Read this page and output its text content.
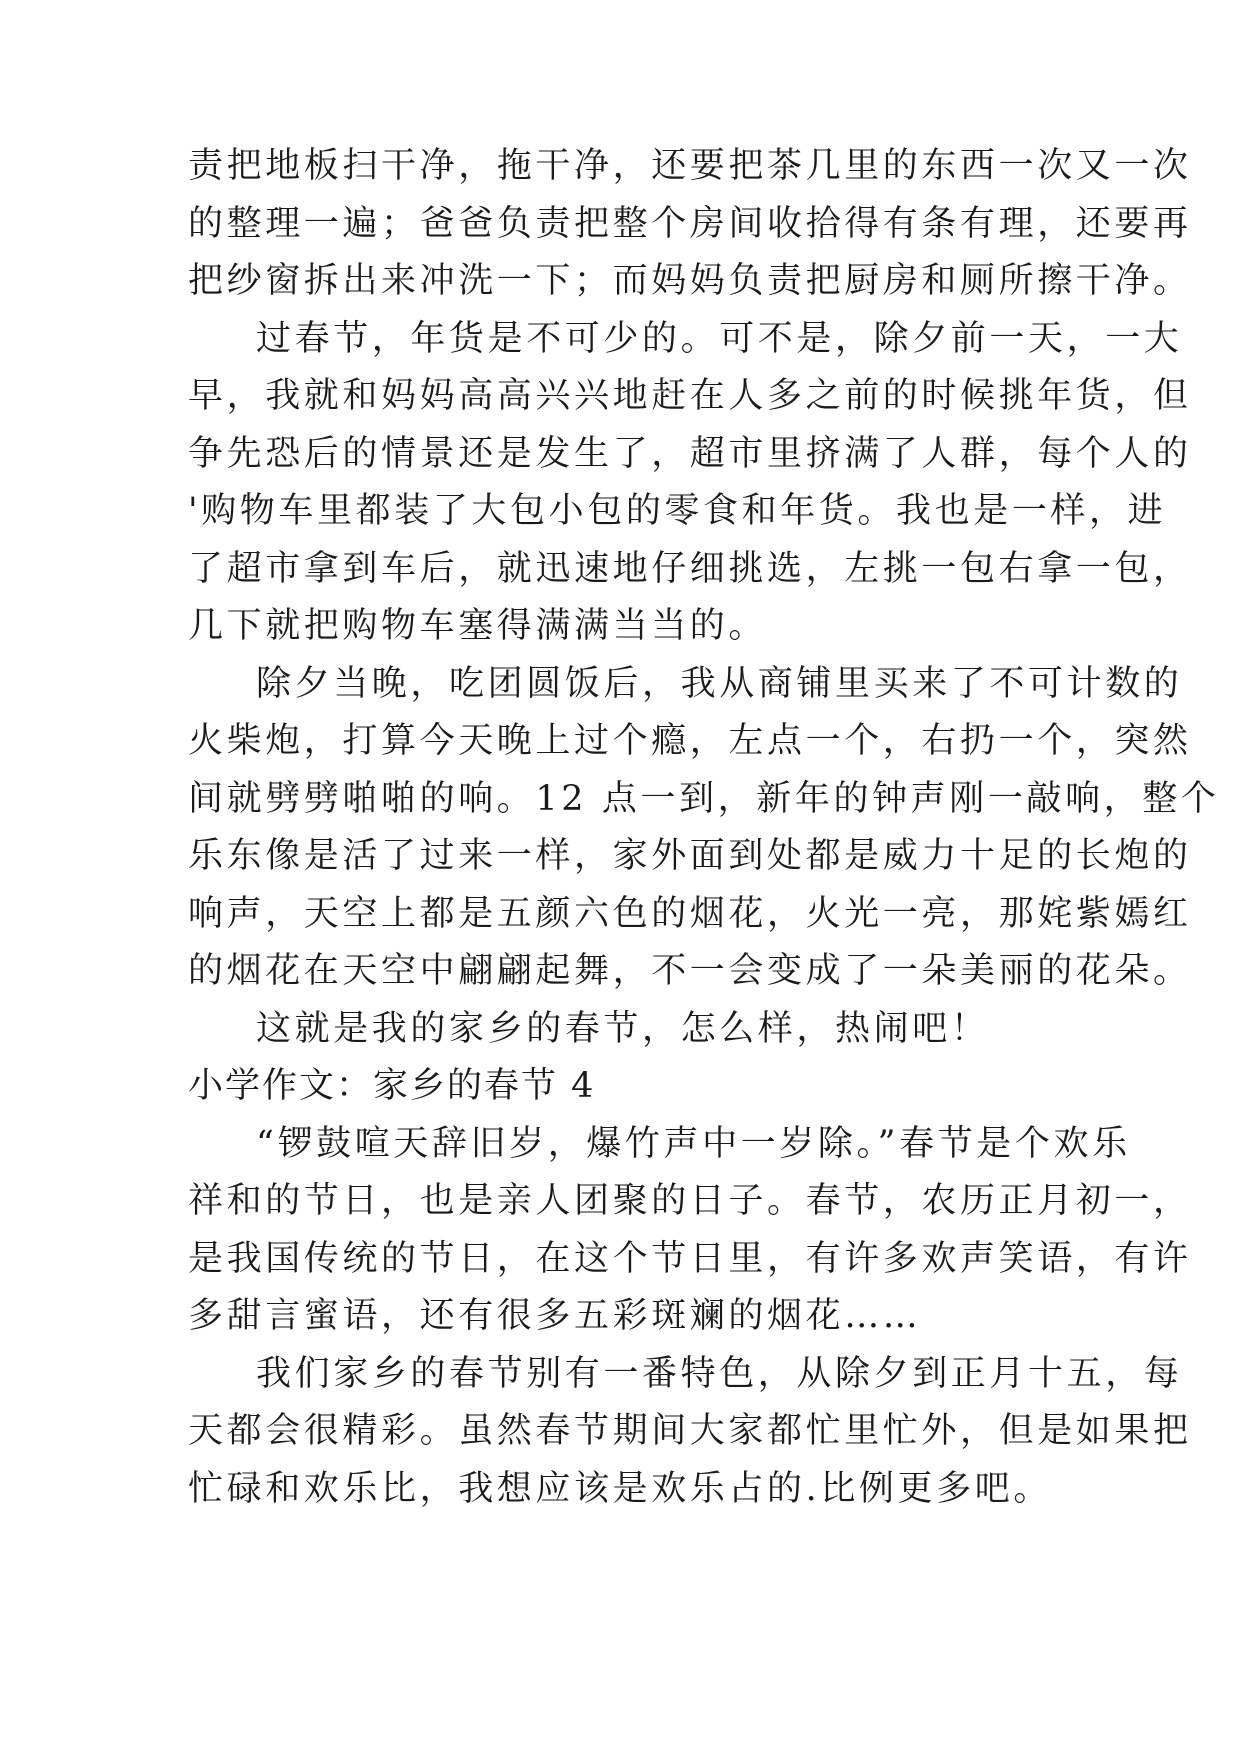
责把地板扫干净，拖干净，还要把茶几里的东西一次又一次
的整理一遍；爸爸负责把整个房间收拾得有条有理，还要再
把纱窗拆出来冲洗一下；而妈妈负责把厨房和厕所擦干净。
过春节，年货是不可少的。可不是，除夕前一天，一大
早，我就和妈妈高高兴兴地赶在人多之前的时候挑年货，但
争先恐后的情景还是发生了，超市里挤满了人群，每个人的
'购物车里都装了大包小包的零食和年货。我也是一样，进
了超市拿到车后，就迅速地仔细挑选，左挑一包右拿一包，
几下就把购物车塞得满满当当的。
除夕当晚，吃团圆饭后，我从商铺里买来了不可计数的
火柴炮，打算今天晚上过个瘾，左点一个，右扔一个，突然
间就劈劈啪啪的响。12 点一到，新年的钟声刚一敲响，整个
乐东像是活了过来一样，家外面到处都是威力十足的长炮的
响声，天空上都是五颜六色的烟花，火光一亮，那姹紫嫣红
的烟花在天空中翩翩起舞，不一会变成了一朵美丽的花朵。
这就是我的家乡的春节，怎么样，热闹吧！
小学作文：家乡的春节 4
“锣鼓喧天辞旧岁，爆竹声中一岁除。”春节是个欢乐
祥和的节日，也是亲人团聚的日子。春节，农历正月初一，
是我国传统的节日，在这个节日里，有许多欢声笑语，有许
多甜言蜜语，还有很多五彩斑斓的烟花……
我们家乡的春节别有一番特色，从除夕到正月十五，每
天都会很精彩。虽然春节期间大家都忙里忙外，但是如果把
忙碌和欢乐比，我想应该是欢乐占的.比例更多吧。
